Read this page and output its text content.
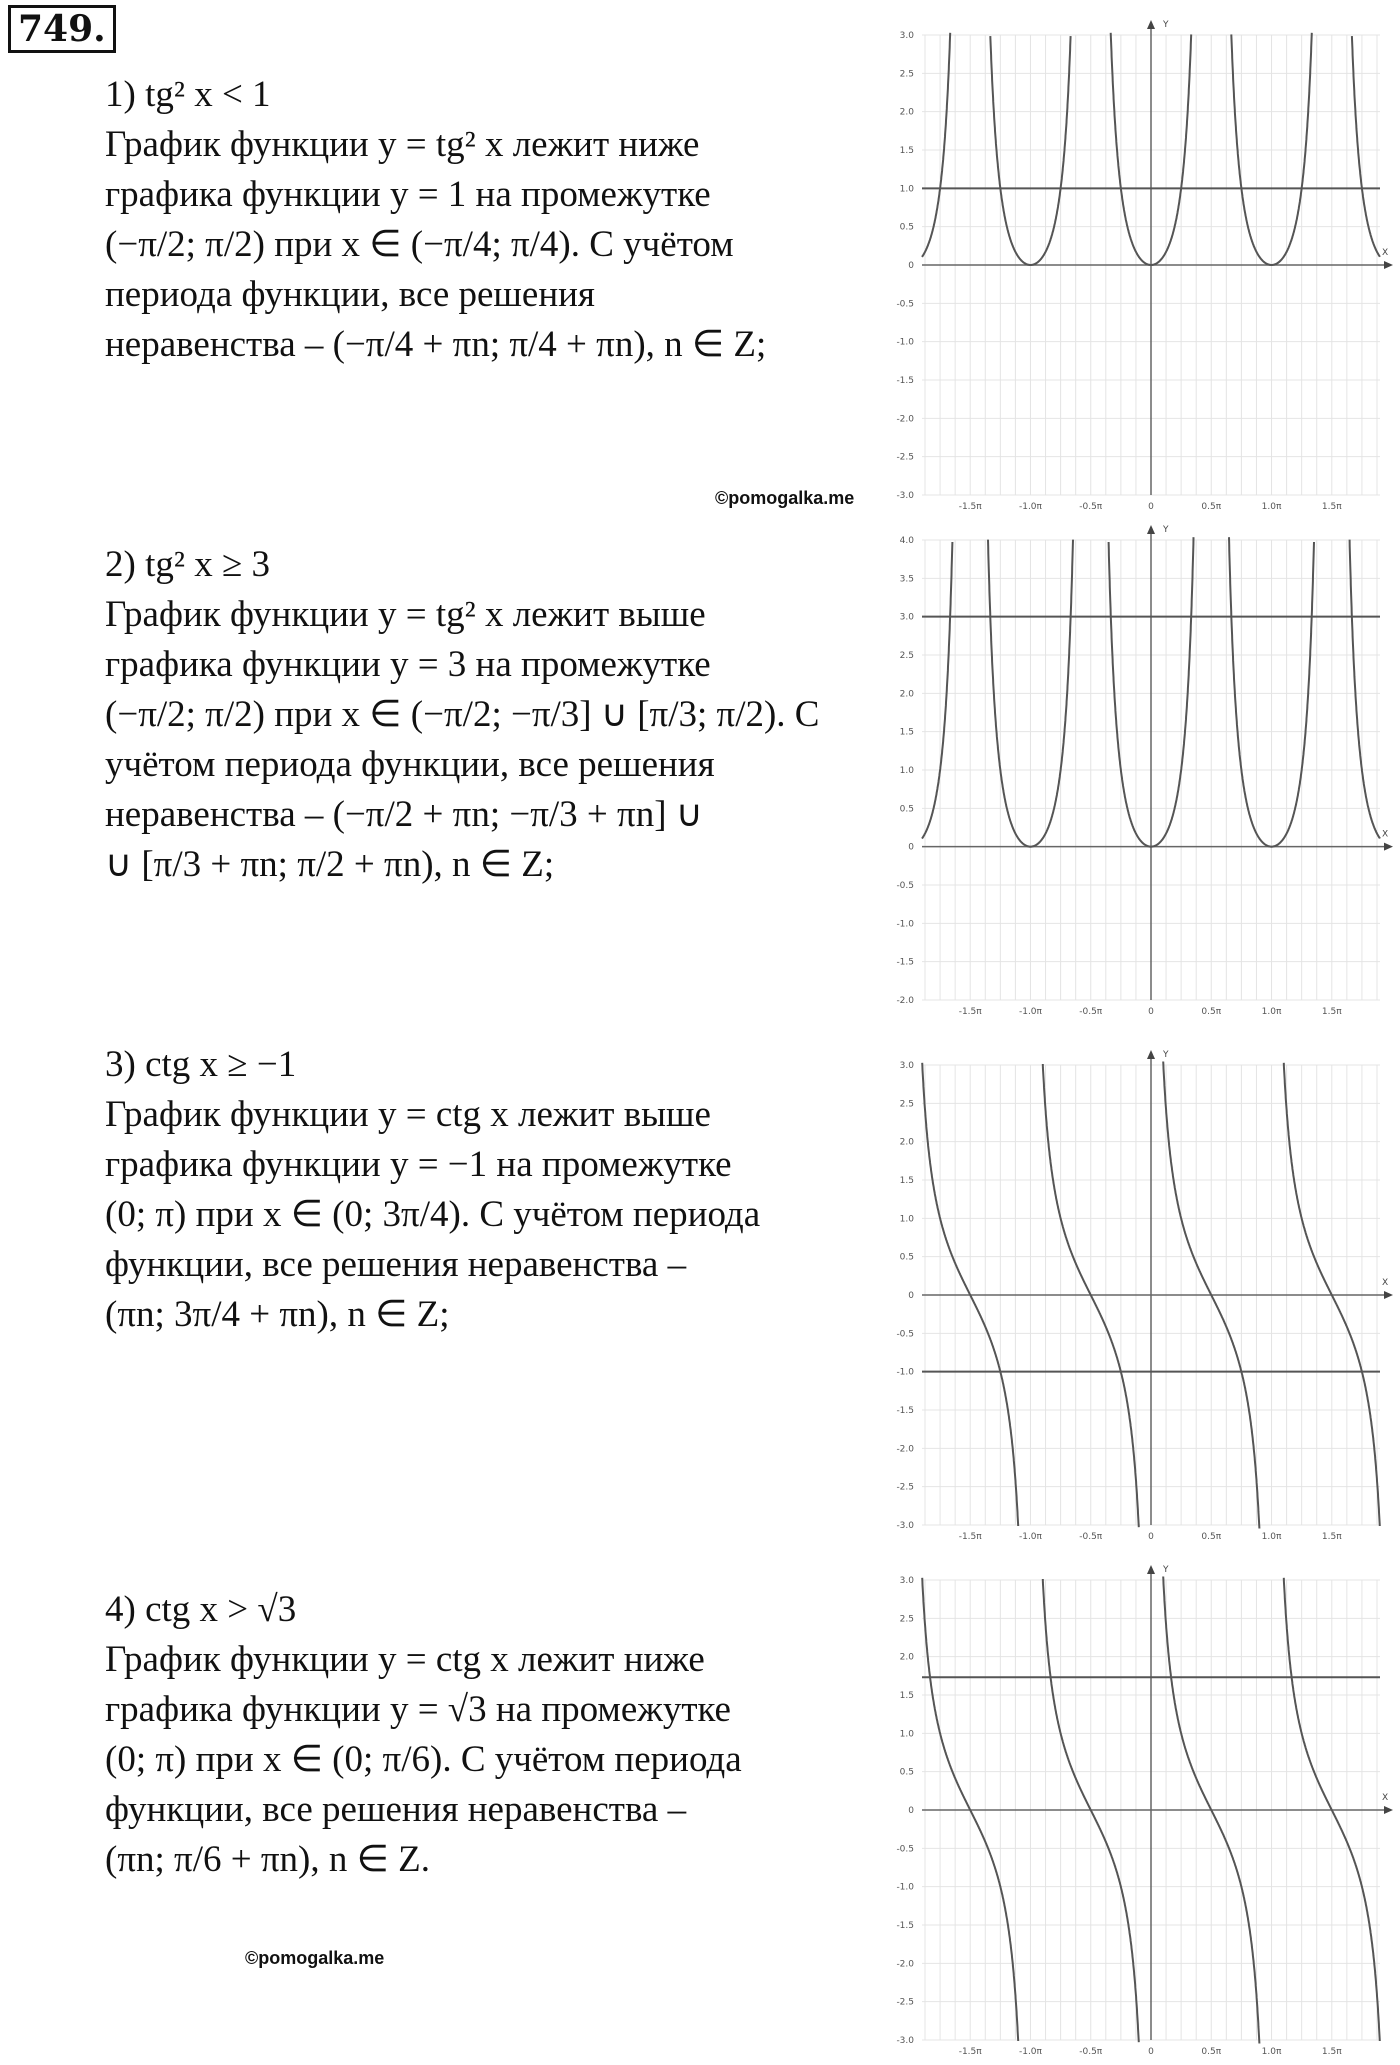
749.
1) tg² x < 1
График функции y = tg² x лежит ниже
графика функции y = 1 на промежутке
(−π/2; π/2) при x ∈ (−π/4; π/4). С учётом
периода функции, все решения
неравенства – (−π/4 + πn; π/4 + πn), n ∈ Z;
©pomogalka.me
2) tg² x ≥ 3
График функции y = tg² x лежит выше
графика функции y = 3 на промежутке
(−π/2; π/2) при x ∈ (−π/2; −π/3] ∪ [π/3; π/2). С
учётом периода функции, все решения
неравенства – (−π/2 + πn; −π/3 + πn] ∪
∪ [π/3 + πn; π/2 + πn), n ∈ Z;
3) ctg x ≥ −1
График функции y = ctg x лежит выше
графика функции y = −1 на промежутке
(0; π) при x ∈ (0; 3π/4). С учётом периода
функции, все решения неравенства –
(πn; 3π/4 + πn), n ∈ Z;
4) ctg x > √3
График функции y = ctg x лежит ниже
графика функции y = √3 на промежутке
(0; π) при x ∈ (0; π/6). С учётом периода
функции, все решения неравенства –
(πn; π/6 + πn), n ∈ Z.
©pomogalka.me
3.0
2.5
2.0
1.5
1.0
0.5
0
-0.5
-1.0
-1.5
-2.0
-2.5
-3.0
Y
X
-1.5π	-1.0π	-0.5π	0	0.5π	1.0π	1.5π
4.0
3.5
3.0
2.5
2.0
1.5
1.0
0.5
0
-0.5
-1.0
-1.5
-2.0
Y
X
-1.5π	-1.0π	-0.5π	0	0.5π	1.0π	1.5π
3.0
2.5
2.0
1.5
1.0
0.5
0
-0.5
-1.0
-1.5
-2.0
-2.5
-3.0
Y
X
-1.5π	-1.0π	-0.5π	0	0.5π	1.0π	1.5π
3.0
2.5
2.0
1.5
1.0
0.5
0
-0.5
-1.0
-1.5
-2.0
-2.5
-3.0
Y
X
-1.5π	-1.0π	-0.5π	0	0.5π	1.0π	1.5π
